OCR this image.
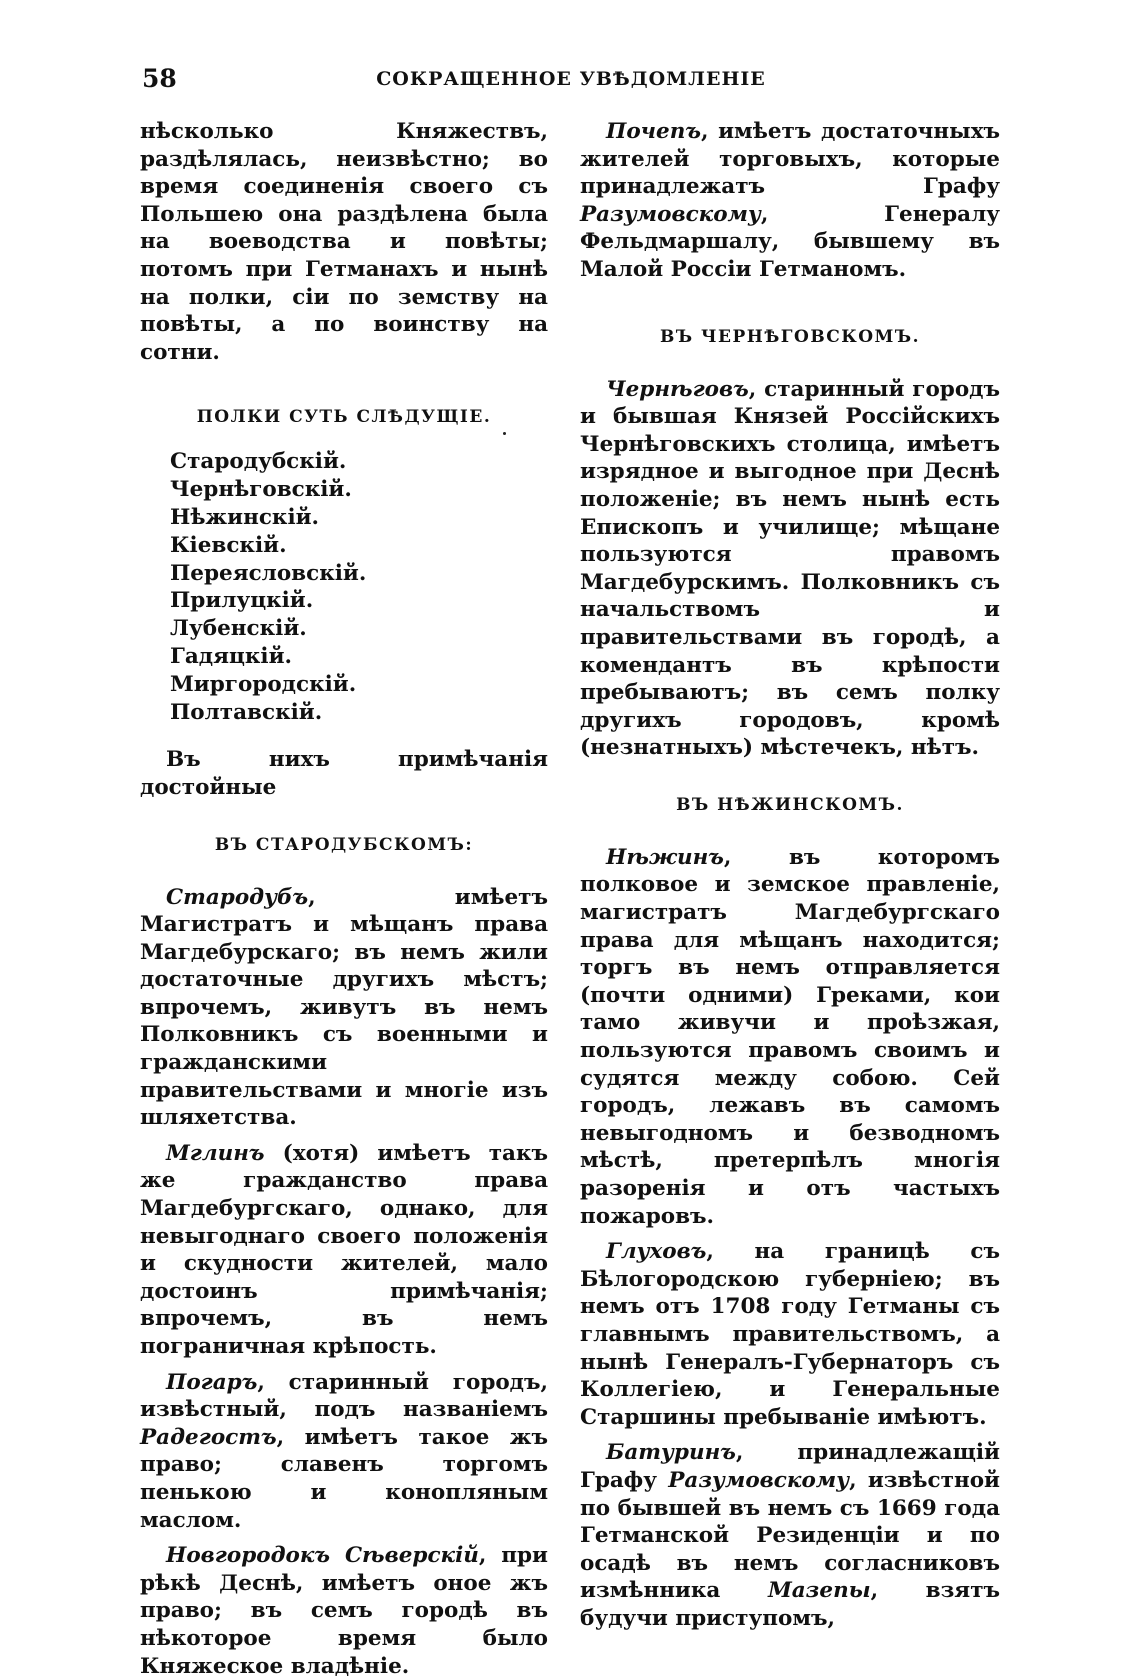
58	СОКРАЩЕННОЕ УВѢДОМЛЕНIЕ

нѣсколько Княжествъ, раздѣлялась, неизвѣстно; во время соединенія своего съ Польшею она раздѣлена была на воеводства и повѣты; потомъ при Гетманахъ и нынѣ на полки, сіи по земству на повѣты, а по воинству на сотни.

ПОЛКИ СУТЬ СЛѢДУЩIЕ.
Стародубскій.
Чернѣговскій.
Нѣжинскій.
Кіевскій.
Переясловскій.
Прилуцкій.
Лубенскій.
Гадяцкій.
Миргородскій.
Полтавскій.

Въ нихъ примѣчанія достойные

ВЪ СТАРОДУБСКОМЪ:

Стародубъ, имѣетъ Магистратъ и мѣщанъ права Магдебурскаго; въ немъ жили достаточные другихъ мѣстъ; впрочемъ, живутъ въ немъ Полковникъ съ военными и гражданскими правительствами и многіе изъ шляхетства.

Мглинъ (хотя) имѣетъ такъ же гражданство права Магдебургскаго, однако, для невыгоднаго своего положенія и скудности жителей, мало достоинъ примѣчанія; впрочемъ, въ немъ пограничная крѣпость.

Погаръ, старинный городъ, извѣстный, подъ названіемъ Радегостъ, имѣетъ такое жъ право; славенъ торгомъ пенькою и конопляным маслом.

Новгородокъ Сѣверскій, при рѣкѣ Деснѣ, имѣетъ оное жъ право; въ семъ городѣ въ нѣкоторое время было Княжеское владѣніе.

Почепъ, имѣетъ достаточныхъ жителей торговыхъ, которые принадлежатъ Графу Разумовскому, Генералу Фельдмаршалу, бывшему въ Малой Россіи Гетманомъ.

ВЪ ЧЕРНѢГОВСКОМЪ.

Чернѣговъ, старинный городъ и бывшая Князей Россійскихъ Чернѣговскихъ столица, имѣетъ изрядное и выгодное при Деснѣ положеніе; въ немъ нынѣ есть Епископъ и училище; мѣщане пользуются правомъ Магдебурскимъ. Полковникъ съ начальствомъ и правительствами въ городѣ, а комендантъ въ крѣпости пребываютъ; въ семъ полку другихъ городовъ, кромѣ (незнатныхъ) мѣстечекъ, нѣтъ.

ВЪ НѢЖИНСКОМЪ.

Нѣжинъ, въ которомъ полковое и земское правленіе, магистратъ Магдебургскаго права для мѣщанъ находится; торгъ въ немъ отправляется (почти одними) Греками, кои тамо живучи и проѣзжая, пользуются правомъ своимъ и судятся между собою. Сей городъ, лежавъ въ самомъ невыгодномъ и безводномъ мѣстѣ, претерпѣлъ многія разоренія и отъ частыхъ пожаровъ.

Глуховъ, на границѣ съ Бѣлогородскою губерніею; въ немъ отъ 1708 году Гетманы съ главнымъ правительствомъ, а нынѣ Генералъ-Губернаторъ съ Коллегіею, и Генеральные Старшины пребываніе имѣютъ.

Батуринъ, принадлежащій Графу Разумовскому, извѣстной по бывшей въ немъ съ 1669 года Гетманской Резиденціи и по осадѣ въ немъ согласниковъ измѣнника Мазепы, взятъ будучи приступомъ,
